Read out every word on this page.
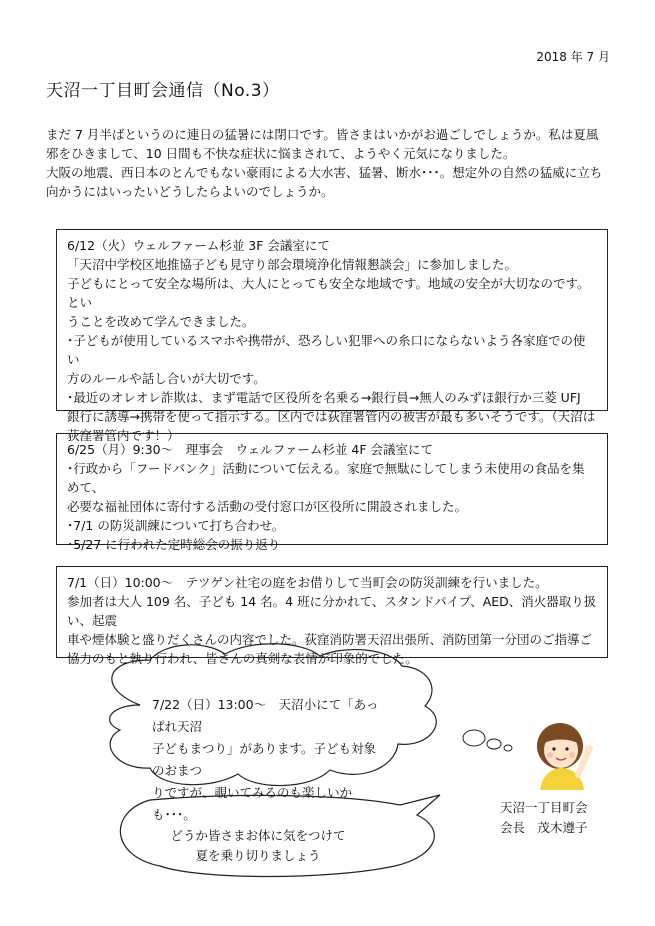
2018 年 7 月
天沼一丁目町会通信（No.3）

まだ 7 月半ばというのに連日の猛暑には閉口です。皆さまはいかがお過ごしでしょうか。私は夏風

邪をひきまして、10 日間も不快な症状に悩まされて、ようやく元気になりました。

大阪の地震、西日本のとんでもない豪雨による大水害、猛暑、断水･･･。想定外の自然の猛威に立ち

向かうにはいったいどうしたらよいのでしょうか。

6/12（火）ウェルファーム杉並 3F 会議室にて

「天沼中学校区地推協子ども見守り部会環境浄化情報懇談会」に参加しました。

子どもにとって安全な場所は、大人にとっても安全な地域です。地域の安全が大切なのです。とい

うことを改めて学んできました。

･子どもが使用しているスマホや携帯が、恐ろしい犯罪への糸口にならないよう各家庭での使い

方のルールや話し合いが大切です。

･最近のオレオレ詐欺は、まず電話で区役所を名乗る→銀行員→無人のみずほ銀行か三菱 UFJ

銀行に誘導→携帯を使って指示する。区内では荻窪署管内の被害が最も多いそうです。（天沼は

荻窪署管内です！）

6/25（月）9:30～　理事会　ウェルファーム杉並 4F 会議室にて

･行政から「フードバンク」活動について伝える。家庭で無駄にしてしまう未使用の食品を集めて、

必要な福祉団体に寄付する活動の受付窓口が区役所に開設されました。

･7/1 の防災訓練について打ち合わせ。

･5/27 に行われた定時総会の振り返り

7/1（日）10:00～　テツゲン社宅の庭をお借りして当町会の防災訓練を行いました。

参加者は大人 109 名、子ども 14 名。4 班に分かれて、スタンドパイプ、AED、消火器取り扱い、起震

車や煙体験と盛りだくさんの内容でした。荻窪消防署天沼出張所、消防団第一分団のご指導ご

協力のもと執り行われ、皆さんの真剣な表情が印象的でした。

7/22（日）13:00～　天沼小にて「あっぱれ天沼
子どもまつり」があります。子ども対象のおまつ
りですが、覗いてみるのも楽しいかも･･･。
どうか皆さまお体に気をつけて
夏を乗り切りましょう

天沼一丁目町会

会長　茂木遵子
